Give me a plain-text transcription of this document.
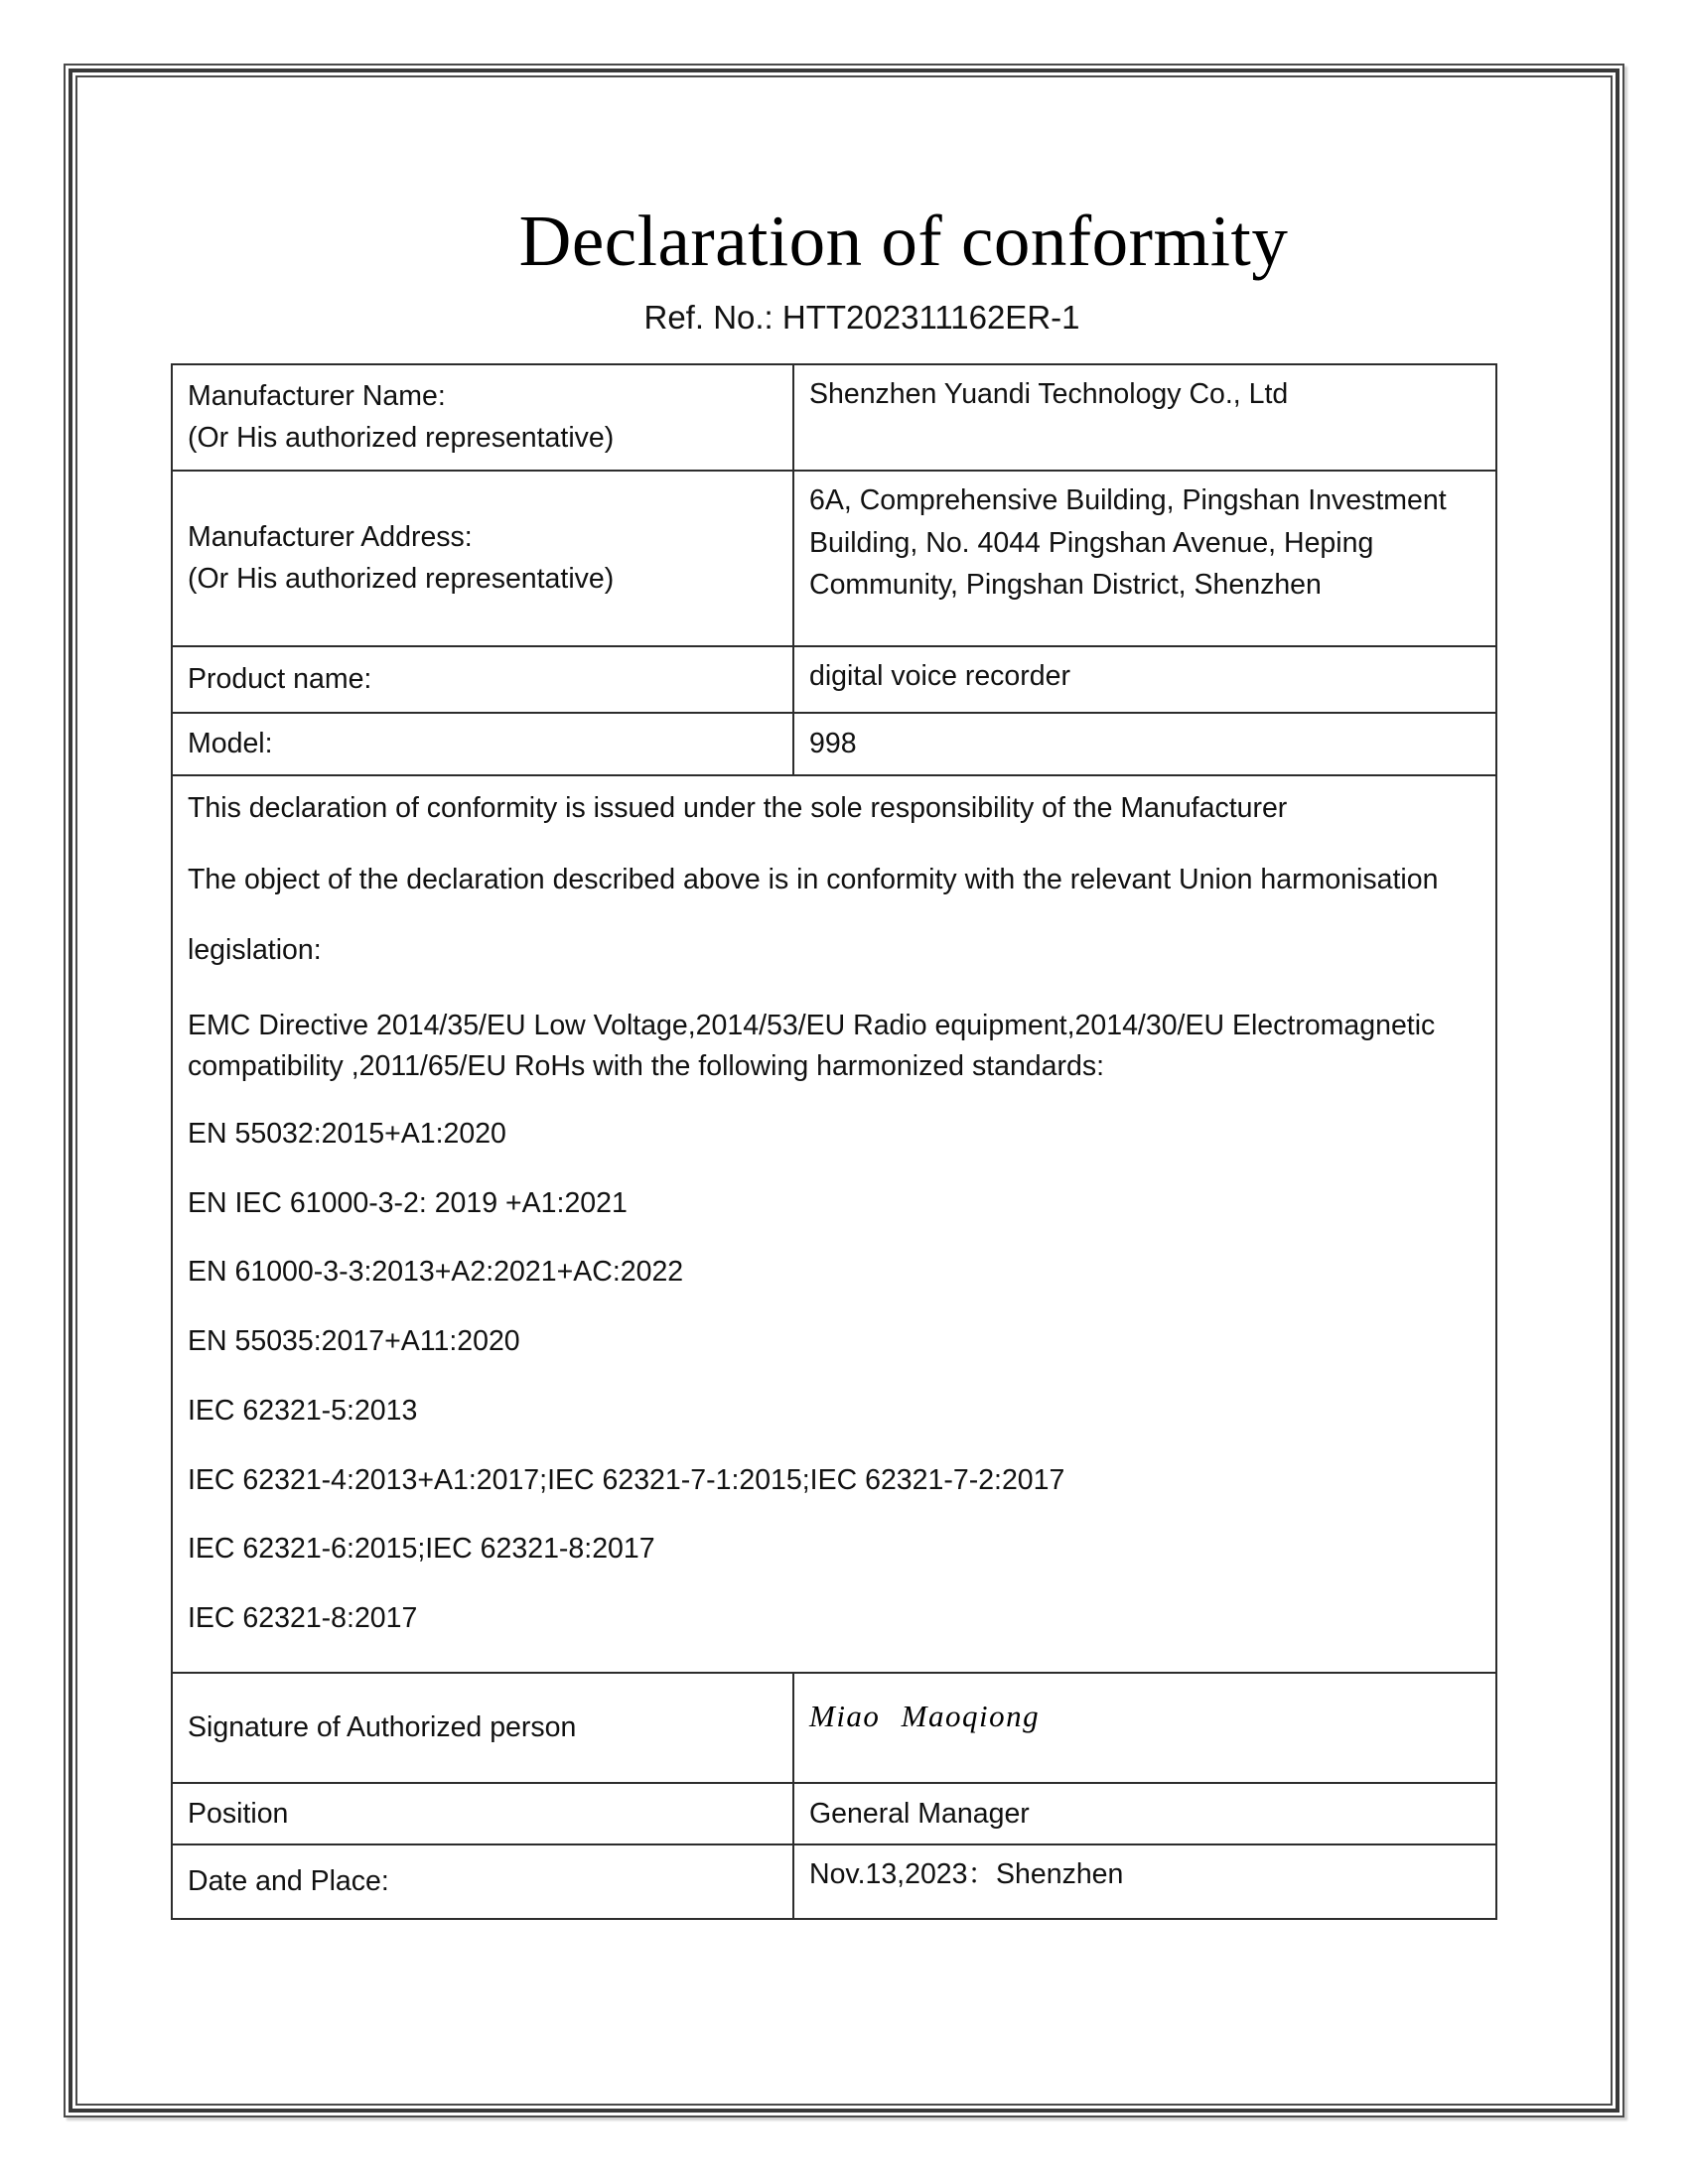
Declaration of conformity
Ref. No.: HTT202311162ER-1
Manufacturer Name:
(Or His authorized representative)	Shenzhen Yuandi Technology Co., Ltd

Manufacturer Address:
(Or His authorized representative)	6A, Comprehensive Building, Pingshan Investment Building, No. 4044 Pingshan Avenue, Heping Community, Pingshan District, Shenzhen
Product name:	digital voice recorder
Model:	998

This declaration of conformity is issued under the sole responsibility of the Manufacturer
The object of the declaration described above is in conformity with the relevant Union harmonisation
legislation:
EMC Directive 2014/35/EU Low Voltage,2014/53/EU Radio equipment,2014/30/EU Electromagnetic compatibility ,2011/65/EU RoHs with the following harmonized standards:
EN 55032:2015+A1:2020
EN IEC 61000-3-2: 2019 +A1:2021
EN 61000-3-3:2013+A2:2021+AC:2022
EN 55035:2017+A11:2020
IEC 62321-5:2013
IEC 62321-4:2013+A1:2017;IEC 62321-7-1:2015;IEC 62321-7-2:2017
IEC 62321-6:2015;IEC 62321-8:2017
IEC 62321-8:2017

Signature of Authorized person	Miao Maoqiong
Position	General Manager
Date and Place:	Nov.13,2023：Shenzhen
